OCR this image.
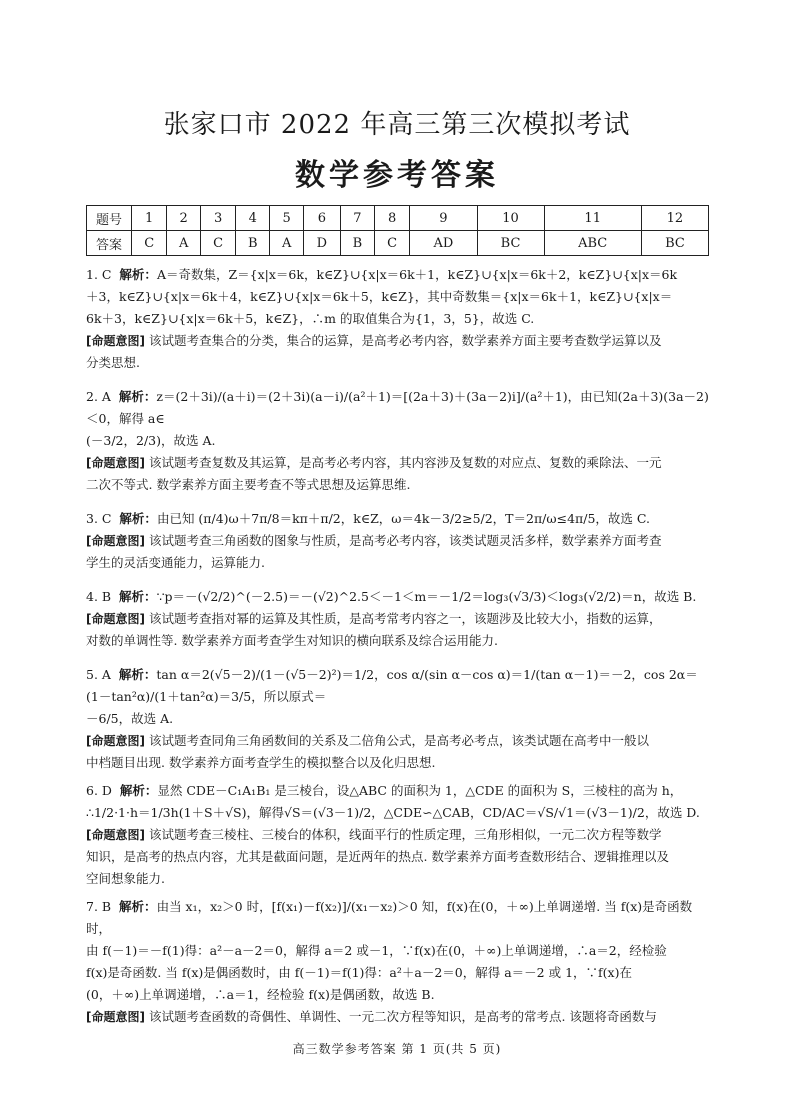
张家口市 2022 年高三第三次模拟考试
数学参考答案
题号	1	2	3	4	5	6	7	8	9	10	11	12
答案	C	A	C	B	A	D	B	C	AD	BC	ABC	BC

1. C 解析：A＝奇数集，Z＝{x|x＝6k，k∈Z}∪{x|x＝6k＋1，k∈Z}∪{x|x＝6k＋2，k∈Z}∪{x|x＝6k

＋3，k∈Z}∪{x|x＝6k＋4，k∈Z}∪{x|x＝6k＋5，k∈Z}，其中奇数集＝{x|x＝6k＋1，k∈Z}∪{x|x＝

6k＋3，k∈Z}∪{x|x＝6k＋5，k∈Z}，∴m 的取值集合为{1，3，5}，故选 C.

[命题意图] 该试题考查集合的分类，集合的运算，是高考必考内容，数学素养方面主要考查数学运算以及

分类思想.

2. A 解析：z＝(2＋3i)/(a＋i)＝(2＋3i)(a－i)/(a²＋1)＝[(2a＋3)＋(3a－2)i]/(a²＋1)，由已知(2a＋3)(3a－2)＜0，解得 a∈

(－3/2，2/3)，故选 A.

[命题意图] 该试题考查复数及其运算，是高考必考内容，其内容涉及复数的对应点、复数的乘除法、一元

二次不等式. 数学素养方面主要考查不等式思想及运算思维.

3. C 解析：由已知 (π/4)ω＋7π/8＝kπ＋π/2，k∈Z，ω＝4k－3/2≥5/2，T＝2π/ω≤4π/5，故选 C.

[命题意图] 该试题考查三角函数的图象与性质，是高考必考内容，该类试题灵活多样，数学素养方面考查

学生的灵活变通能力，运算能力.

4. B 解析：∵p＝－(√2/2)^(－2.5)＝－(√2)^2.5＜－1＜m＝－1/2＝log₃(√3/3)＜log₃(√2/2)＝n，故选 B.

[命题意图] 该试题考查指对幂的运算及其性质，是高考常考内容之一，该题涉及比较大小，指数的运算，

对数的单调性等. 数学素养方面考查学生对知识的横向联系及综合运用能力.

5. A 解析：tan α＝2(√5－2)/(1－(√5－2)²)＝1/2，cos α/(sin α－cos α)＝1/(tan α－1)＝－2，cos 2α＝(1－tan²α)/(1＋tan²α)＝3/5，所以原式＝

－6/5，故选 A.

[命题意图] 该试题考查同角三角函数间的关系及二倍角公式，是高考必考点，该类试题在高考中一般以

中档题目出现. 数学素养方面考查学生的模拟整合以及化归思想.

6. D 解析：显然 CDE－C₁A₁B₁ 是三棱台，设△ABC 的面积为 1，△CDE 的面积为 S，三棱柱的高为 h，

∴1/2·1·h＝1/3h(1＋S＋√S)，解得√S＝(√3－1)/2，△CDE∽△CAB，CD/AC＝√S/√1＝(√3－1)/2，故选 D.

[命题意图] 该试题考查三棱柱、三棱台的体积，线面平行的性质定理，三角形相似，一元二次方程等数学

知识，是高考的热点内容，尤其是截面问题，是近两年的热点. 数学素养方面考查数形结合、逻辑推理以及

空间想象能力.

7. B 解析：由当 x₁，x₂＞0 时，[f(x₁)－f(x₂)]/(x₁－x₂)＞0 知，f(x)在(0，＋∞)上单调递增. 当 f(x)是奇函数时，

由 f(－1)＝－f(1)得：a²－a－2＝0，解得 a＝2 或－1，∵f(x)在(0，＋∞)上单调递增，∴a＝2，经检验

f(x)是奇函数. 当 f(x)是偶函数时，由 f(－1)＝f(1)得：a²＋a－2＝0，解得 a＝－2 或 1，∵f(x)在

(0，＋∞)上单调递增，∴a＝1，经检验 f(x)是偶函数，故选 B.

[命题意图] 该试题考查函数的奇偶性、单调性、一元二次方程等知识，是高考的常考点. 该题将奇函数与

高三数学参考答案 第 1 页(共 5 页)
